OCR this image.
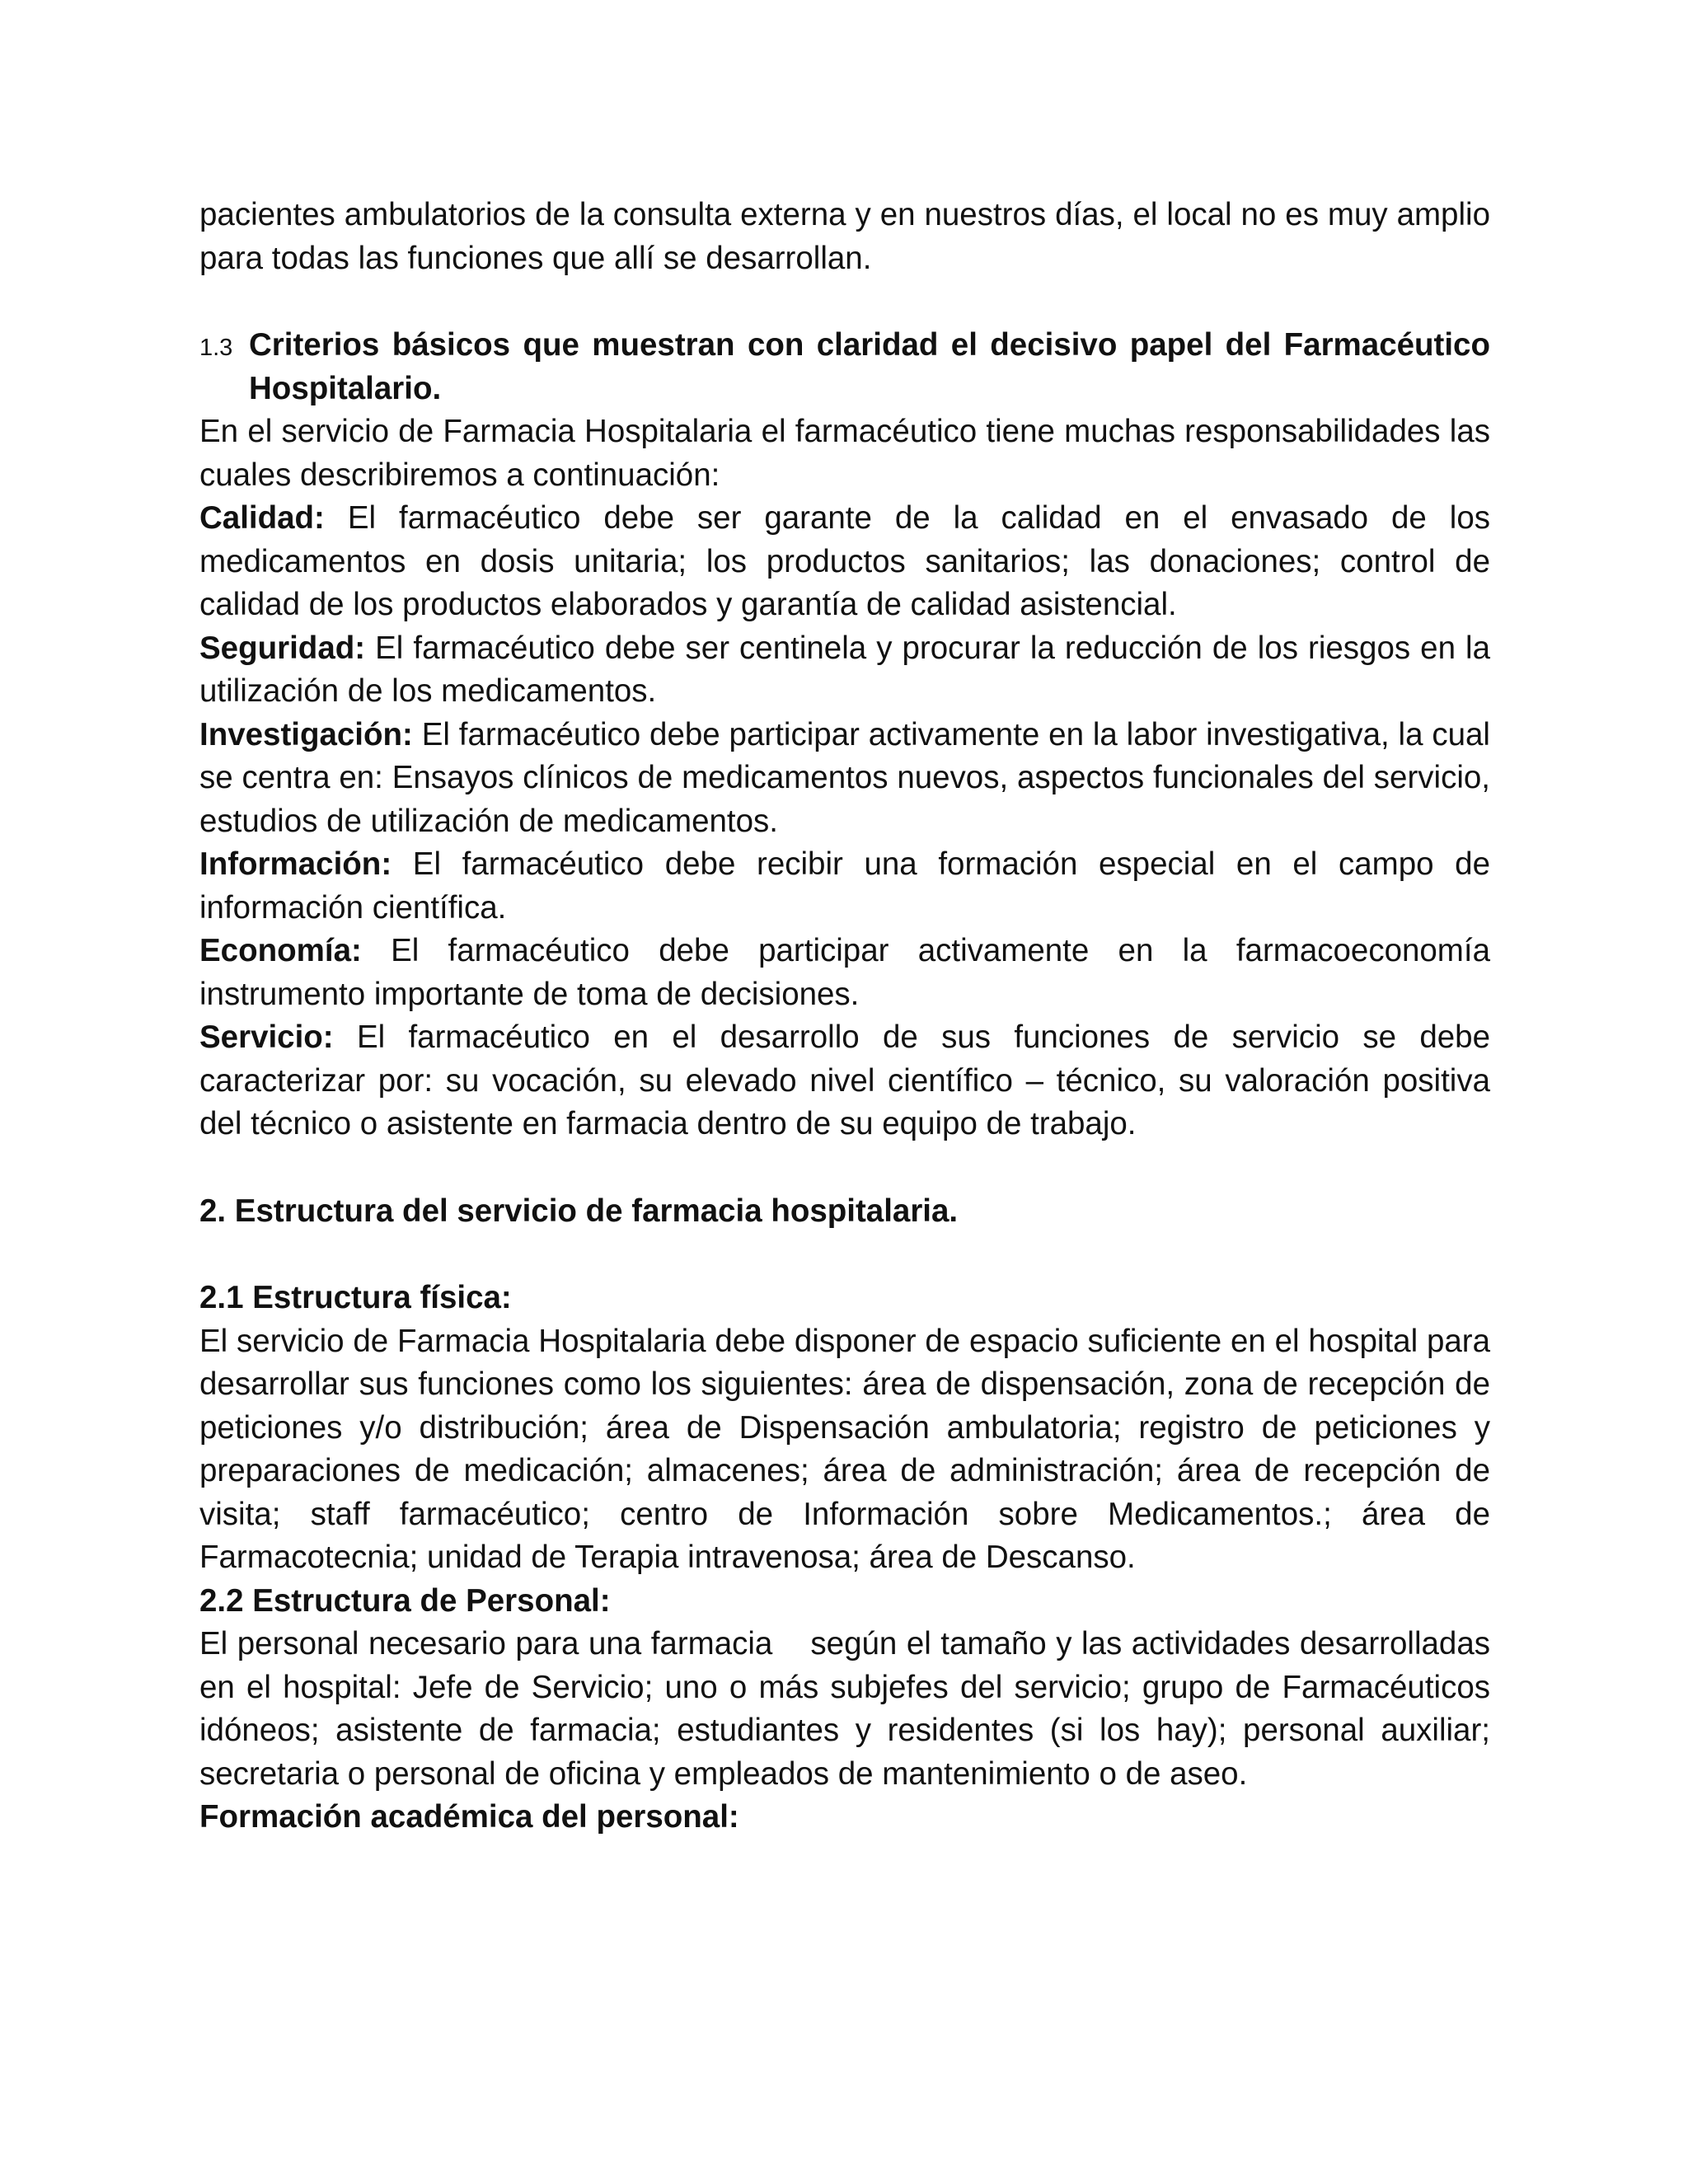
pacientes ambulatorios de la consulta externa y en nuestros días, el local no es muy amplio para todas las funciones que allí se desarrollan.

1.3 Criterios básicos que muestran con claridad el decisivo papel del Farmacéutico Hospitalario.

En el servicio de Farmacia Hospitalaria el farmacéutico tiene muchas responsabilidades las cuales describiremos a continuación:

Calidad: El farmacéutico debe ser garante de la calidad en el envasado de los medicamentos en dosis unitaria; los productos sanitarios; las donaciones; control de calidad de los productos elaborados y garantía de calidad asistencial.

Seguridad: El farmacéutico debe ser centinela y procurar la reducción de los riesgos en la utilización de los medicamentos.

Investigación: El farmacéutico debe participar activamente en la labor investigativa, la cual se centra en: Ensayos clínicos de medicamentos nuevos, aspectos funcionales del servicio, estudios de utilización de medicamentos.

Información: El farmacéutico debe recibir una formación especial en el campo de información científica.

Economía: El farmacéutico debe participar activamente en la farmacoeconomía instrumento importante de toma de decisiones.

Servicio: El farmacéutico en el desarrollo de sus funciones de servicio se debe caracterizar por: su vocación, su elevado nivel científico – técnico, su valoración positiva del técnico o asistente en farmacia dentro de su equipo de trabajo.

2. Estructura del servicio de farmacia hospitalaria.

2.1 Estructura física:

El servicio de Farmacia Hospitalaria debe disponer de espacio suficiente en el hospital para desarrollar sus funciones como los siguientes: área de dispensación, zona de recepción de peticiones y/o distribución; área de Dispensación ambulatoria; registro de peticiones y preparaciones de medicación; almacenes; área de administración; área de recepción de visita; staff farmacéutico; centro de Información sobre Medicamentos.; área de Farmacotecnia; unidad de Terapia intravenosa; área de Descanso.

2.2 Estructura de Personal:

El personal necesario para una farmacia    según el tamaño y las actividades desarrolladas en el hospital: Jefe de Servicio; uno o más subjefes del servicio; grupo de Farmacéuticos idóneos; asistente de farmacia; estudiantes y residentes (si los hay); personal auxiliar; secretaria o personal de oficina y empleados de mantenimiento o de aseo.

Formación académica del personal:
